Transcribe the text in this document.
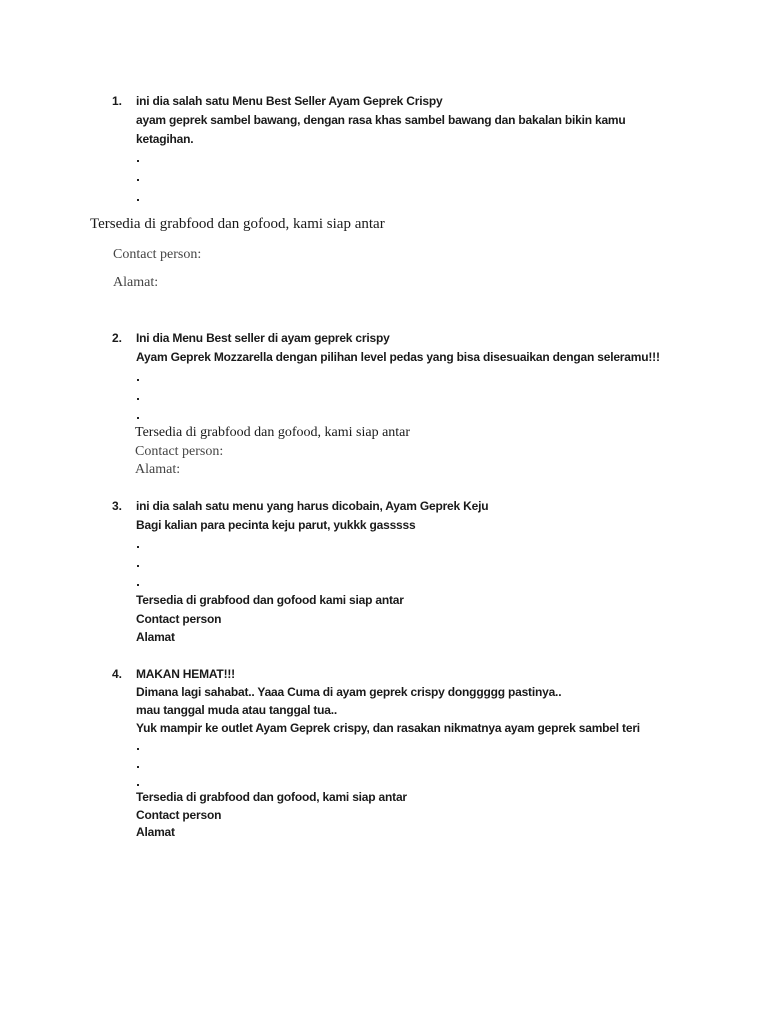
1. ini dia salah satu Menu Best Seller Ayam Geprek Crispy
ayam geprek sambel bawang, dengan rasa khas sambel bawang dan bakalan bikin kamu
ketagihan.
Tersedia di grabfood dan gofood, kami siap antar
Contact person:
Alamat:
2. Ini dia Menu Best seller di ayam geprek crispy
Ayam Geprek Mozzarella dengan pilihan level pedas yang bisa disesuaikan dengan seleramu!!!
Tersedia di grabfood dan gofood, kami siap antar
Contact person:
Alamat:
3. ini dia salah satu menu yang harus dicobain, Ayam Geprek Keju
Bagi kalian para pecinta keju parut, yukkk gasssss
Tersedia di grabfood dan gofood kami siap antar
Contact person
Alamat
4. MAKAN HEMAT!!!
Dimana lagi sahabat.. Yaaa Cuma di ayam geprek crispy donggggg pastinya..
mau tanggal muda atau tanggal tua..
Yuk mampir ke outlet Ayam Geprek crispy, dan rasakan nikmatnya ayam geprek sambel teri
Tersedia di grabfood dan gofood, kami siap antar
Contact person
Alamat
